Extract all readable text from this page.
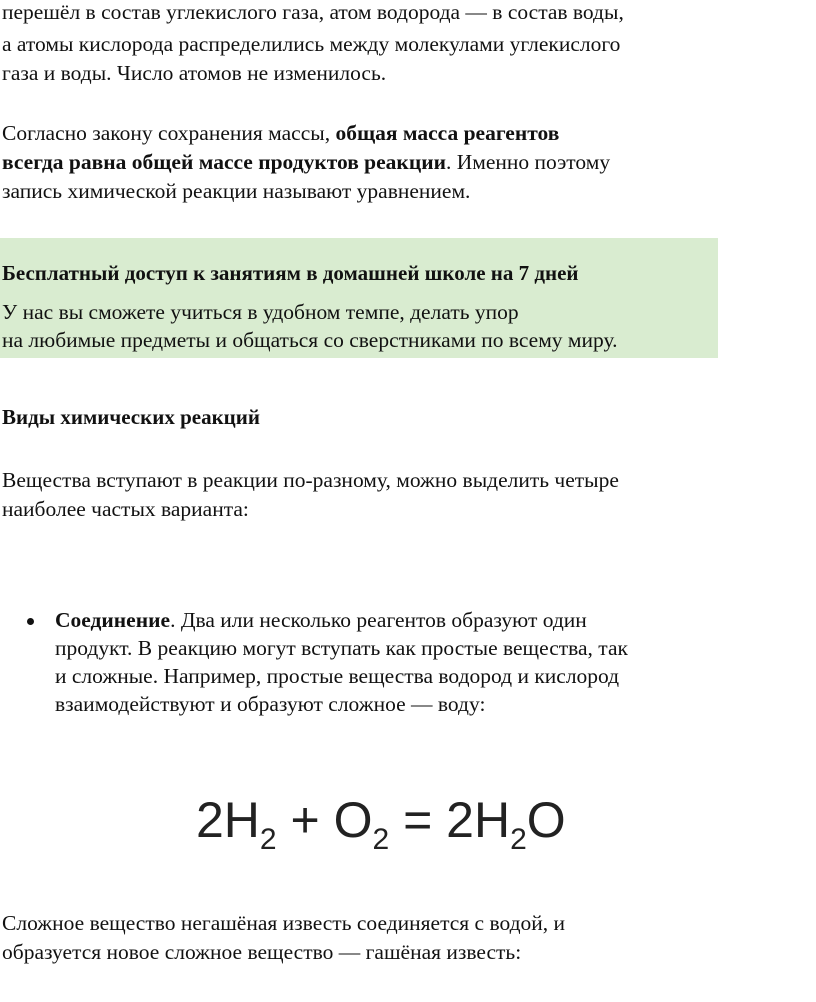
перешёл в состав углекислого газа, атом водорода — в состав воды,

а атомы кислорода распределились между молекулами углекислого

газа и воды. Число атомов не изменилось.

Согласно закону сохранения массы, общая масса реагентов

всегда равна общей массе продуктов реакции. Именно поэтому

запись химической реакции называют уравнением.

Бесплатный доступ к занятиям в домашней школе на 7 дней
У нас вы сможете учиться в удобном темпе, делать упор
на любимые предметы и общаться со сверстниками по всему миру.
Виды химических реакций

Вещества вступают в реакции по-разному, можно выделить четыре

наиболее частых варианта:

Соединение. Два или несколько реагентов образуют один
продукт. В реакцию могут вступать как простые вещества, так
и сложные. Например, простые вещества водород и кислород
взаимодействуют и образуют сложное — воду:
$2H_2 + O_2 = 2H_2O$

Сложное вещество негашёная известь соединяется с водой, и

образуется новое сложное вещество — гашёная известь:
